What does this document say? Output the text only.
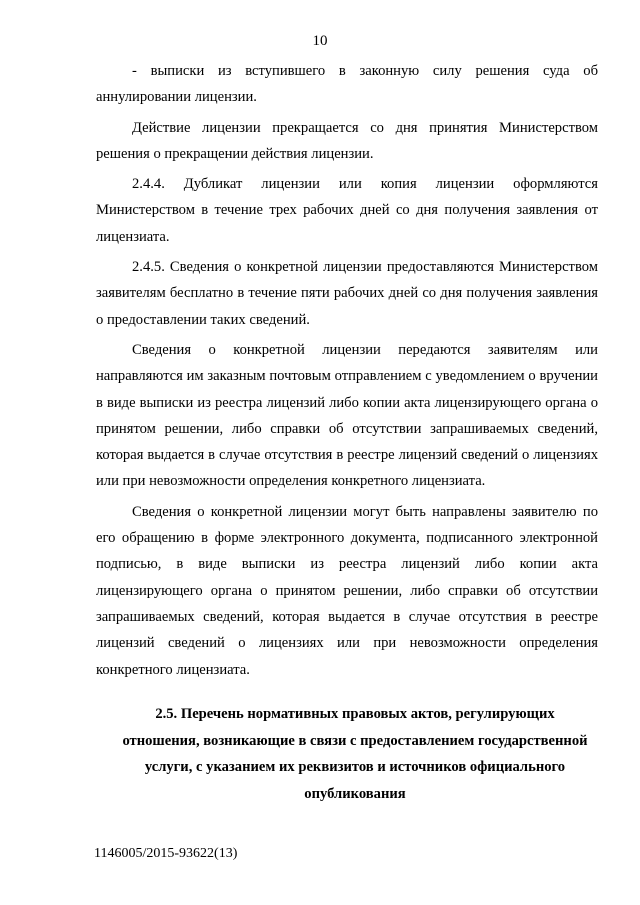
10

- выписки из вступившего в законную силу решения суда об аннулировании лицензии.

Действие лицензии прекращается со дня принятия Министерством решения о прекращении действия лицензии.

2.4.4. Дубликат лицензии или копия лицензии оформляются Министерством в течение трех рабочих дней со дня получения заявления от лицензиата.

2.4.5. Сведения о конкретной лицензии предоставляются Министерством заявителям бесплатно в течение пяти рабочих дней со дня получения заявления о предоставлении таких сведений.

Сведения о конкретной лицензии передаются заявителям или направляются им заказным почтовым отправлением с уведомлением о вручении в виде выписки из реестра лицензий либо копии акта лицензирующего органа о принятом решении, либо справки об отсутствии запрашиваемых сведений, которая выдается в случае отсутствия в реестре лицензий сведений о лицензиях или при невозможности определения конкретного лицензиата.

Сведения о конкретной лицензии могут быть направлены заявителю по его обращению в форме электронного документа, подписанного электронной подписью, в виде выписки из реестра лицензий либо копии акта лицензирующего органа о принятом решении, либо справки об отсутствии запрашиваемых сведений, которая выдается в случае отсутствия в реестре лицензий сведений о лицензиях или при невозможности определения конкретного лицензиата.

2.5. Перечень нормативных правовых актов, регулирующих
отношения, возникающие в связи с предоставлением государственной
услуги, с указанием их реквизитов и источников официального
опубликования
1146005/2015-93622(13)
